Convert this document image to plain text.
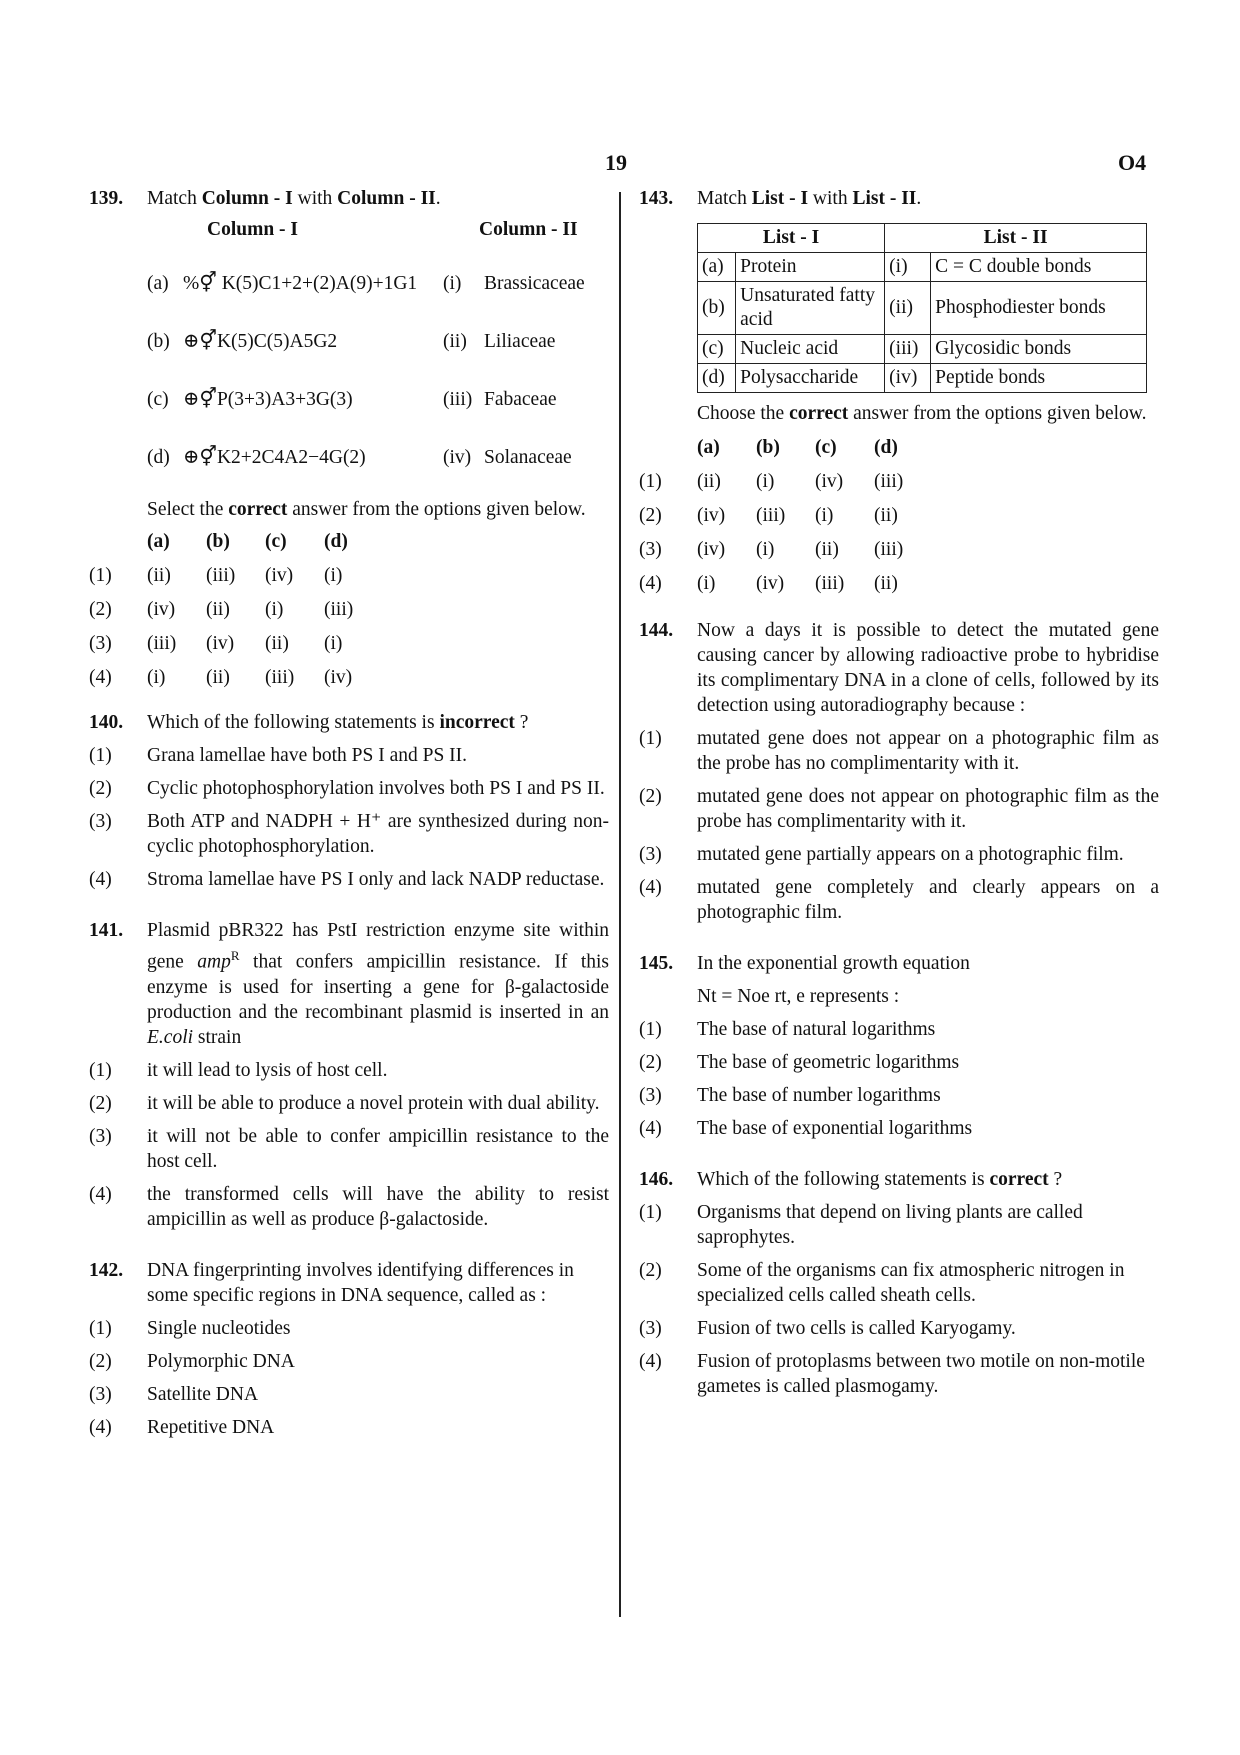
19	O4
139. Match Column - I with Column - II.
Column - I	Column - II
(a) %⚥ K(5)C1+2+(2)A(9)+1G1 (i) Brassicaceae
(b) ⊕⚥K(5)C(5)A5G2	(ii) Liliaceae
(c) ⊕⚥P(3+3)A3+3G(3)	(iii) Fabaceae
(d) ⊕⚥K2+2C4A2−4G(2)	(iv) Solanaceae
Select the correct answer from the options given below.
(a)	(b)	(c)	(d)
(1)	(ii)	(iii)	(iv)	(i)
(2)	(iv)	(ii)	(i)	(iii)
(3)	(iii)	(iv)	(ii)	(i)
(4)	(i)	(ii)	(iii)	(iv)
140. Which of the following statements is incorrect ?
(1) Grana lamellae have both PS I and PS II.
(2) Cyclic photophosphorylation involves both PS I and PS II.
(3) Both ATP and NADPH + H⁺ are synthesized during non-cyclic photophosphorylation.
(4) Stroma lamellae have PS I only and lack NADP reductase.
141. Plasmid pBR322 has PstI restriction enzyme site within gene amp$^R$ that confers ampicillin resistance. If this enzyme is used for inserting a gene for β-galactoside production and the recombinant plasmid is inserted in an E.coli strain
(1) it will lead to lysis of host cell.
(2) it will be able to produce a novel protein with dual ability.
(3) it will not be able to confer ampicillin resistance to the host cell.
(4) the transformed cells will have the ability to resist ampicillin as well as produce β-galactoside.
142. DNA fingerprinting involves identifying differences in some specific regions in DNA sequence, called as :
(1) Single nucleotides
(2) Polymorphic DNA
(3) Satellite DNA
(4) Repetitive DNA
143. Match List - I with List - II.
List - I		List - II	
(a)	Protein	(i)	C = C double bonds
(b)	Unsaturated fatty acid	(ii)	Phosphodiester bonds
(c)	Nucleic acid	(iii)	Glycosidic bonds
(d)	Polysaccharide	(iv)	Peptide bonds
Choose the correct answer from the options given below.
(a)	(b)	(c)	(d)
(1)	(ii)	(i)	(iv)	(iii)
(2)	(iv)	(iii)	(i)	(ii)
(3)	(iv)	(i)	(ii)	(iii)
(4)	(i)	(iv)	(iii)	(ii)
144. Now a days it is possible to detect the mutated gene causing cancer by allowing radioactive probe to hybridise its complimentary DNA in a clone of cells, followed by its detection using autoradiography because :
(1) mutated gene does not appear on a photographic film as the probe has no complimentarity with it.
(2) mutated gene does not appear on photographic film as the probe has complimentarity with it.
(3) mutated gene partially appears on a photographic film.
(4) mutated gene completely and clearly appears on a photographic film.
145. In the exponential growth equation
Nt = Noe rt, e represents :
(1) The base of natural logarithms
(2) The base of geometric logarithms
(3) The base of number logarithms
(4) The base of exponential logarithms
146. Which of the following statements is correct ?
(1) Organisms that depend on living plants are called saprophytes.
(2) Some of the organisms can fix atmospheric nitrogen in specialized cells called sheath cells.
(3) Fusion of two cells is called Karyogamy.
(4) Fusion of protoplasms between two motile on non-motile gametes is called plasmogamy.
